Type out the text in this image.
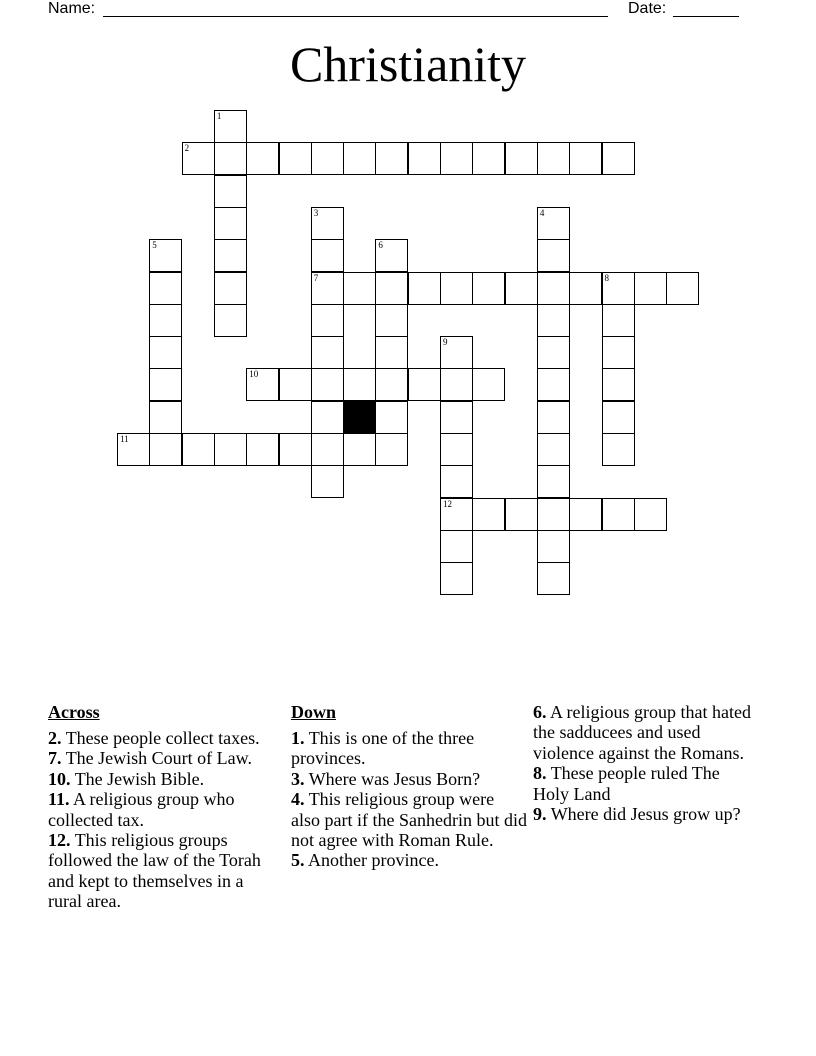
Name:	Date:
Christianity
1
2
3	4
5	6
7	8
9
10
11
12
Across

2. These people collect taxes.

7. The Jewish Court of Law.

10. The Jewish Bible.

11. A religious group who collected tax.

12. This religious groups followed the law of the Torah and kept to themselves in a rural area.

Down

1. This is one of the three provinces.

3. Where was Jesus Born?

4. This religious group were also part if the Sanhedrin but did not agree with Roman Rule.

5. Another province.

6. A religious group that hated the sadducees and used violence against the Romans.

8. These people ruled The Holy Land

9. Where did Jesus grow up?
